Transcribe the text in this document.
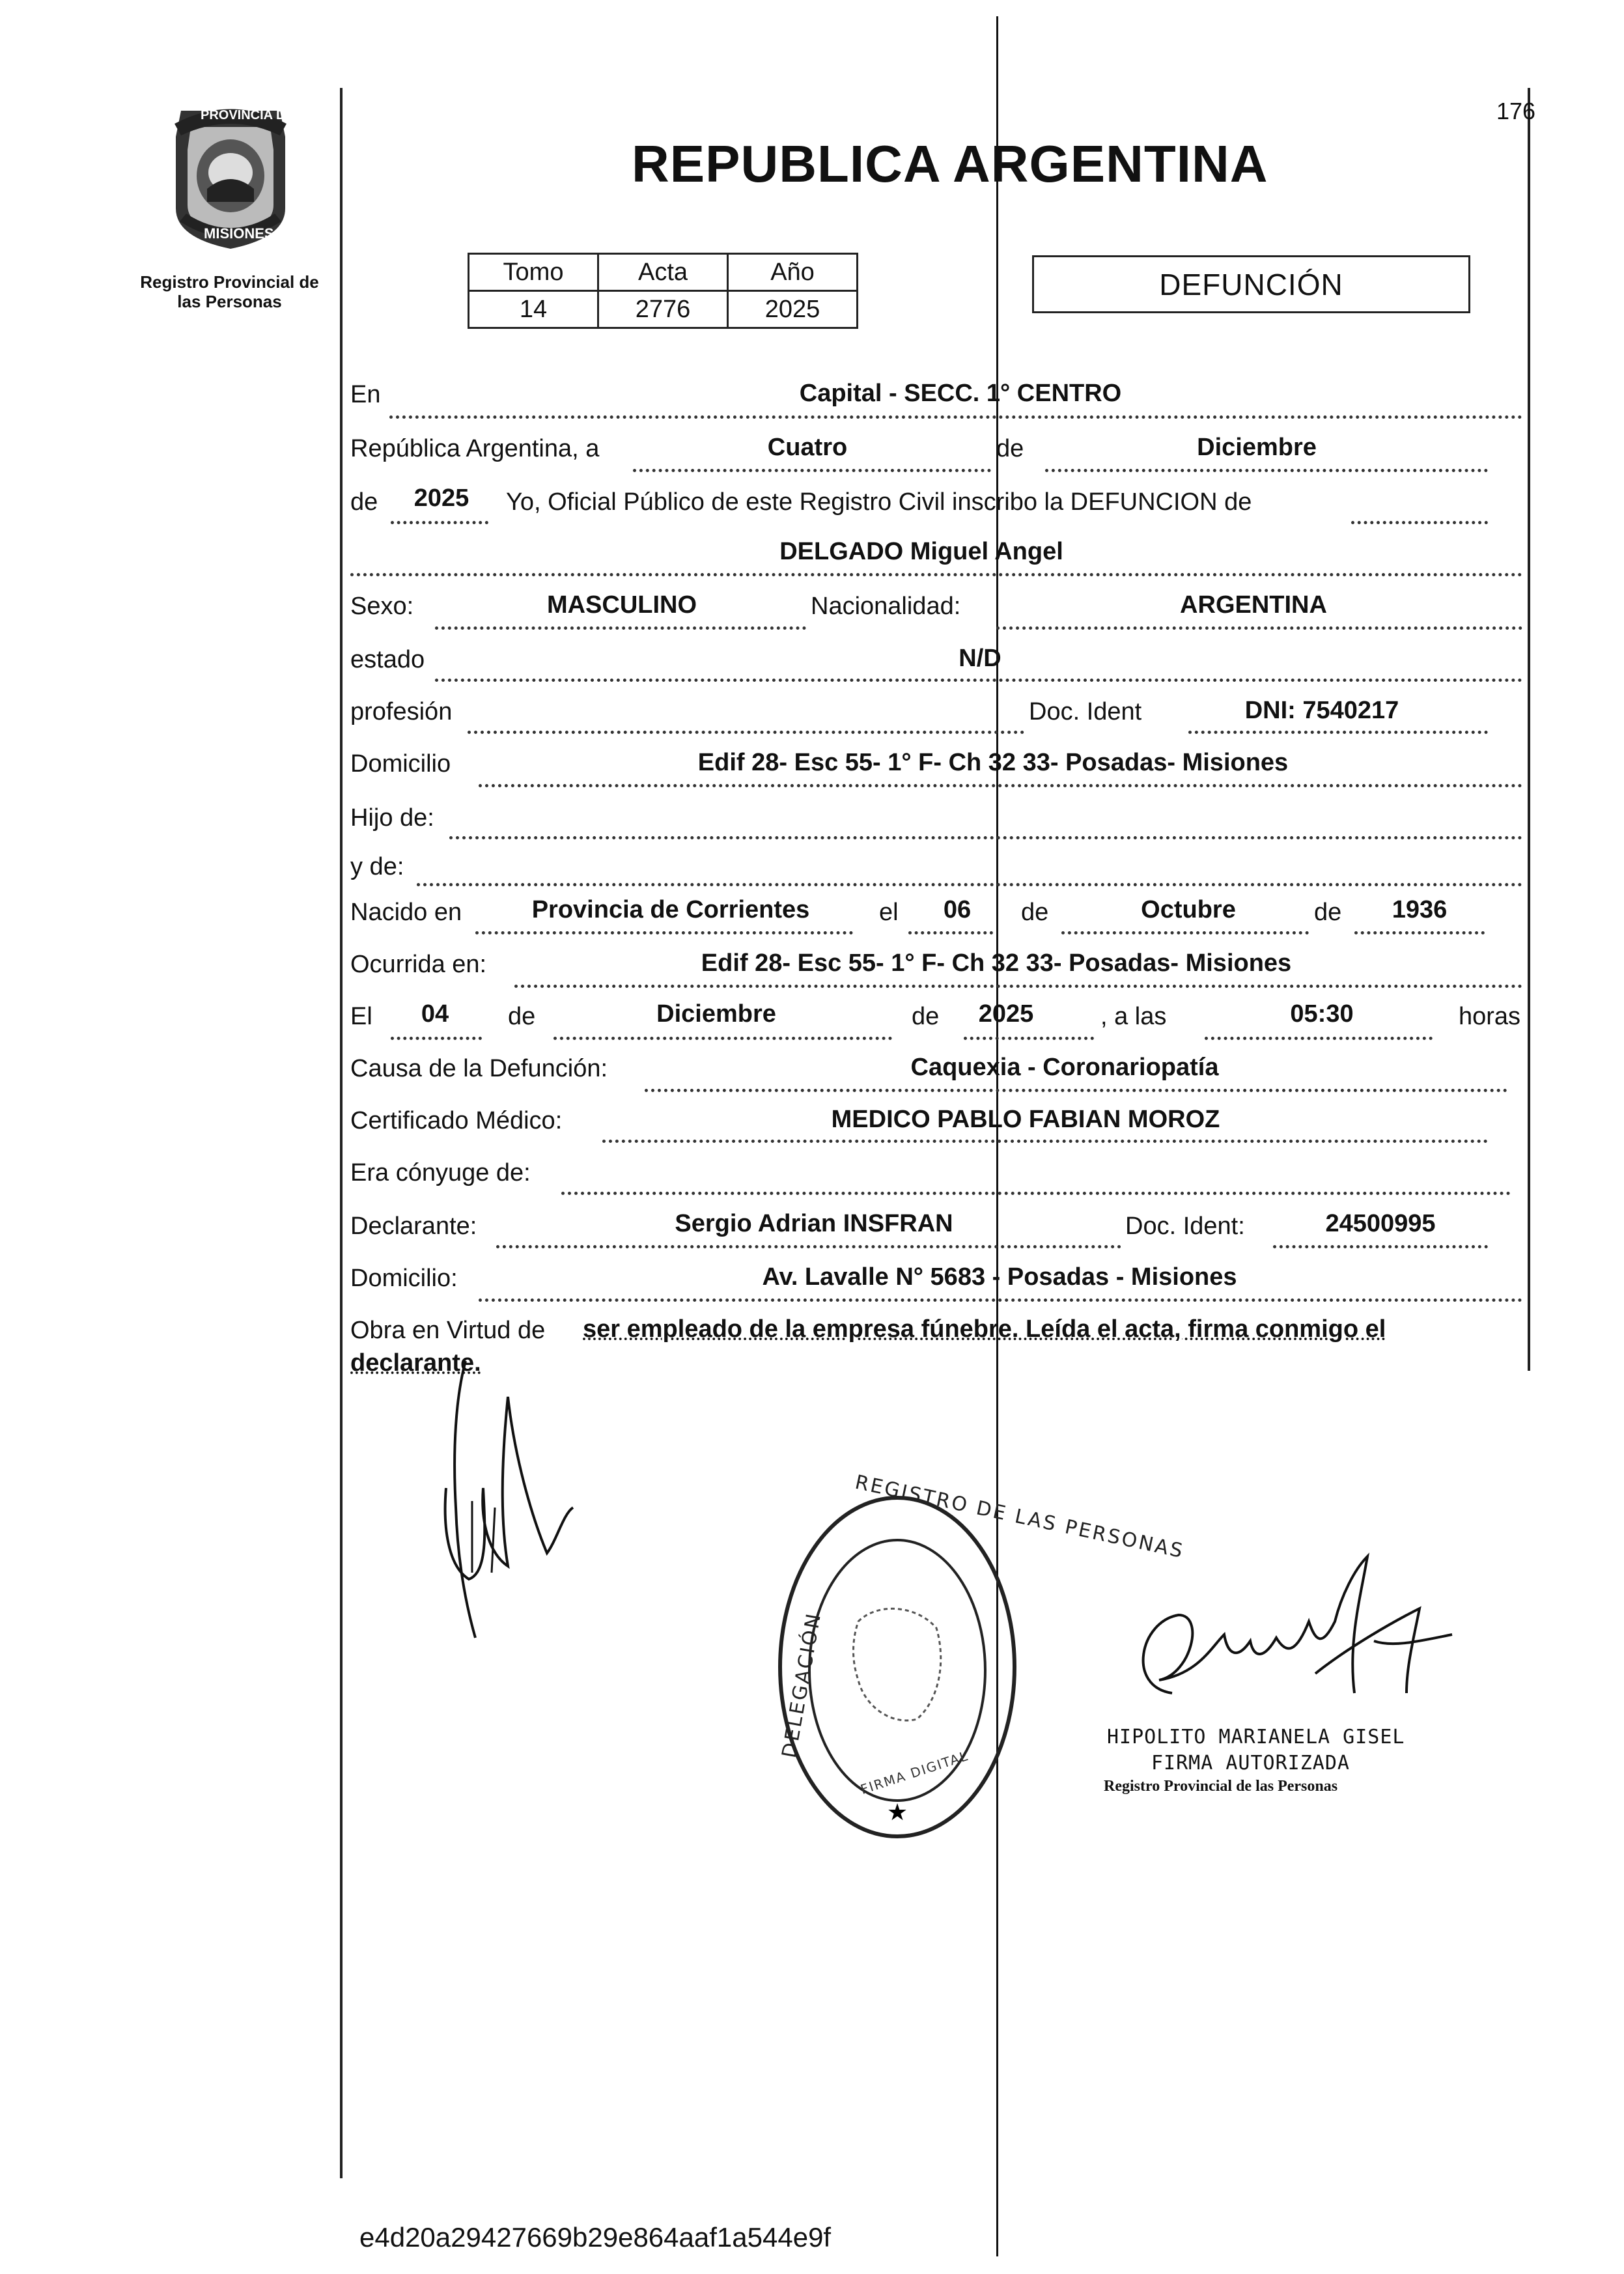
PROVINCIA DE
MISIONES
Registro Provincial de
las Personas
REPUBLICA ARGENTINA
176
Tomo	Acta	Año
14	2776	2025
DEFUNCIÓN
En	Capital - SECC. 1° CENTRO
República Argentina, a	Cuatro	de	Diciembre
de 2025 Yo, Oficial Público de este Registro Civil inscribo la DEFUNCION de
DELGADO Miguel Angel
Sexo:	MASCULINO	Nacionalidad:	ARGENTINA
estado	N/D
profesión	Doc. Ident	DNI: 7540217
Domicilio	Edif 28- Esc 55- 1° F- Ch 32 33- Posadas- Misiones
Hijo de:
y de:
Nacido en	Provincia de Corrientes	el 06 de	Octubre	de 1936
Ocurrida en:	Edif 28- Esc 55- 1° F- Ch 32 33- Posadas- Misiones
El 04 de	Diciembre	de 2025	, a las	05:30	horas
Causa de la Defunción:	Caquexia - Coronariopatía
Certificado Médico:	MEDICO PABLO FABIAN MOROZ
Era cónyuge de:
Declarante:	Sergio Adrian INSFRAN	Doc. Ident:	24500995
Domicilio:	Av. Lavalle N° 5683 - Posadas - Misiones
Obra en Virtud de ser empleado de la empresa fúnebre. Leída el acta, firma conmigo el
declarante.
★
REGISTRO DE LAS PERSONAS
DELEGACIÓN
FIRMA DIGITAL
HIPOLITO MARIANELA GISEL
FIRMA AUTORIZADA
Registro Provincial de las Personas
e4d20a29427669b29e864aaf1a544e9f
